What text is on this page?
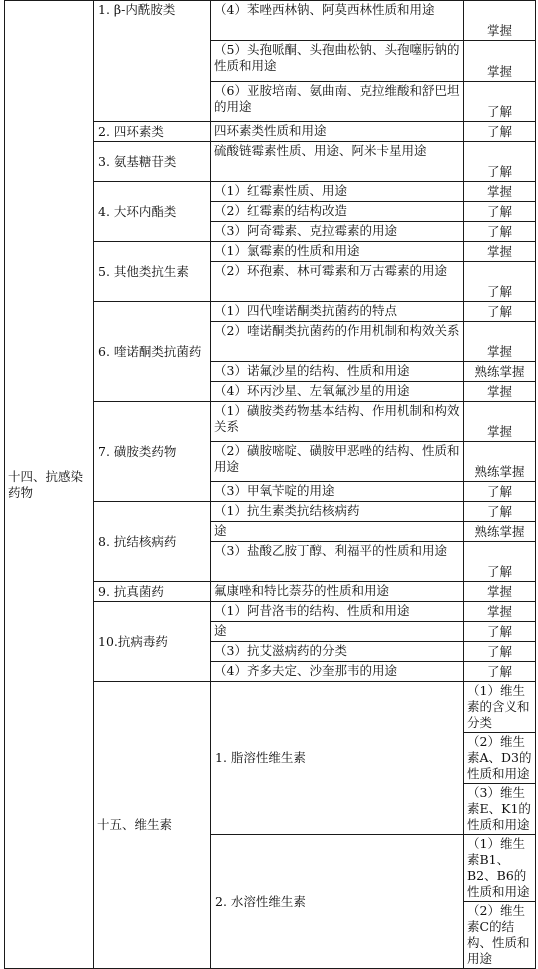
十四、抗感染药物	1. β-内酰胺类	（4）苯唑西林钠、阿莫西林性质和用途	掌握	
		（5）头孢哌酮、头孢曲松钠、头孢噻肟钠的性质和用途	掌握	
		（6）亚胺培南、氨曲南、克拉维酸和舒巴坦的用途	了解	
	2. 四环素类	四环素类性质和用途	了解	
	3. 氨基糖苷类	硫酸链霉素性质、用途、阿米卡星用途	了解	
	4. 大环内酯类	（1）红霉素性质、用途	掌握	
		（2）红霉素的结构改造	了解	
		（3）阿奇霉素、克拉霉素的用途	了解	
	5. 其他类抗生素	（1）氯霉素的性质和用途	掌握	
		（2）环孢素、林可霉素和万古霉素的用途	了解	
	6. 喹诺酮类抗菌药	（1）四代喹诺酮类抗菌药的特点	了解	
		（2）喹诺酮类抗菌药的作用机制和构效关系	掌握	
		（3）诺氟沙星的结构、性质和用途	熟练掌握	
		（4）环丙沙星、左氧氟沙星的用途	掌握	
	7. 磺胺类药物	（1）磺胺类药物基本结构、作用机制和构效关系	掌握	
		（2）磺胺嘧啶、磺胺甲恶唑的结构、性质和用途	熟练掌握	
		（3）甲氧苄啶的用途	了解	
	8. 抗结核病药	（1）抗生素类抗结核病药	了解	
		途	熟练掌握	
		（3）盐酸乙胺丁醇、利福平的性质和用途	了解	
	9. 抗真菌药	氟康唑和特比萘芬的性质和用途	掌握	
	10.抗病毒药	（1）阿昔洛韦的结构、性质和用途	掌握	
		途	了解	
		（3）抗艾滋病药的分类	了解	
		（4）齐多夫定、沙奎那韦的用途	了解	
	十五、维生素	1. 脂溶性维生素	（1）维生素的含义和分类	
			（2）维生素A、D3的性质和用途	
			（3）维生素E、K1的性质和用途	
		2. 水溶性维生素	（1）维生素B1、B2、B6的性质和用途	
			（2）维生素C的结构、性质和用途	
